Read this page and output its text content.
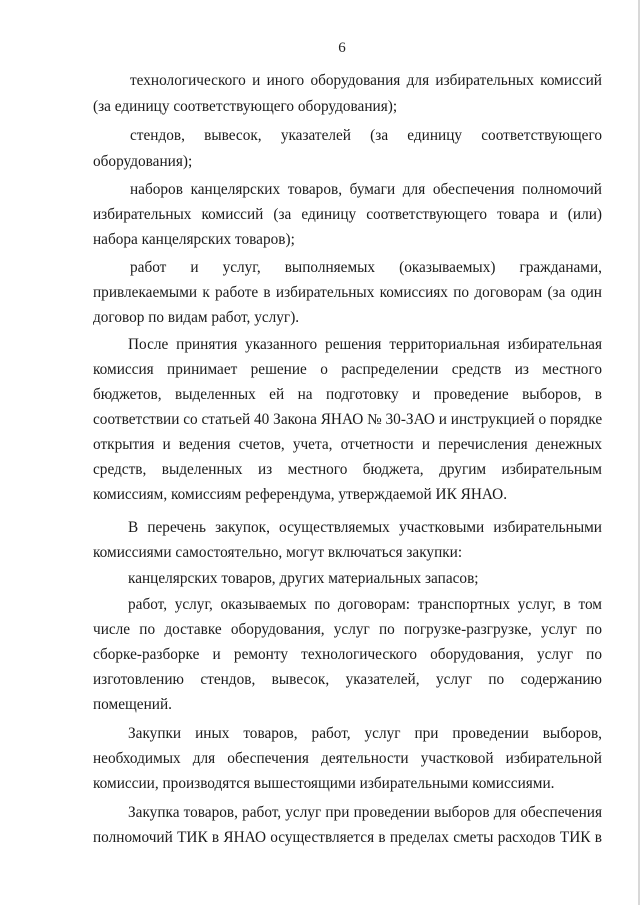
6
технологического и иного оборудования для избирательных комиссий
(за единицу соответствующего оборудования);
стендов, вывесок, указателей (за единицу соответствующего
оборудования);
наборов канцелярских товаров, бумаги для обеспечения полномочий
избирательных комиссий (за единицу соответствующего товара и (или)
набора канцелярских товаров);
работ и услуг, выполняемых (оказываемых) гражданами,
привлекаемыми к работе в избирательных комиссиях по договорам (за один
договор по видам работ, услуг).
После принятия указанного решения территориальная избирательная
комиссия принимает решение о распределении средств из местного
бюджетов, выделенных ей на подготовку и проведение выборов, в
соответствии со статьей 40 Закона ЯНАО № 30-ЗАО и инструкцией о порядке
открытия и ведения счетов, учета, отчетности и перечисления денежных
средств, выделенных из местного бюджета, другим избирательным
комиссиям, комиссиям референдума, утверждаемой ИК ЯНАО.
В перечень закупок, осуществляемых участковыми избирательными
комиссиями самостоятельно, могут включаться закупки:
канцелярских товаров, других материальных запасов;
работ, услуг, оказываемых по договорам: транспортных услуг, в том
числе по доставке оборудования, услуг по погрузке-разгрузке, услуг по
сборке-разборке и ремонту технологического оборудования, услуг по
изготовлению стендов, вывесок, указателей, услуг по содержанию
помещений.
Закупки иных товаров, работ, услуг при проведении выборов,
необходимых для обеспечения деятельности участковой избирательной
комиссии, производятся вышестоящими избирательными комиссиями.
Закупка товаров, работ, услуг при проведении выборов для обеспечения
полномочий ТИК в ЯНАО осуществляется в пределах сметы расходов ТИК в
